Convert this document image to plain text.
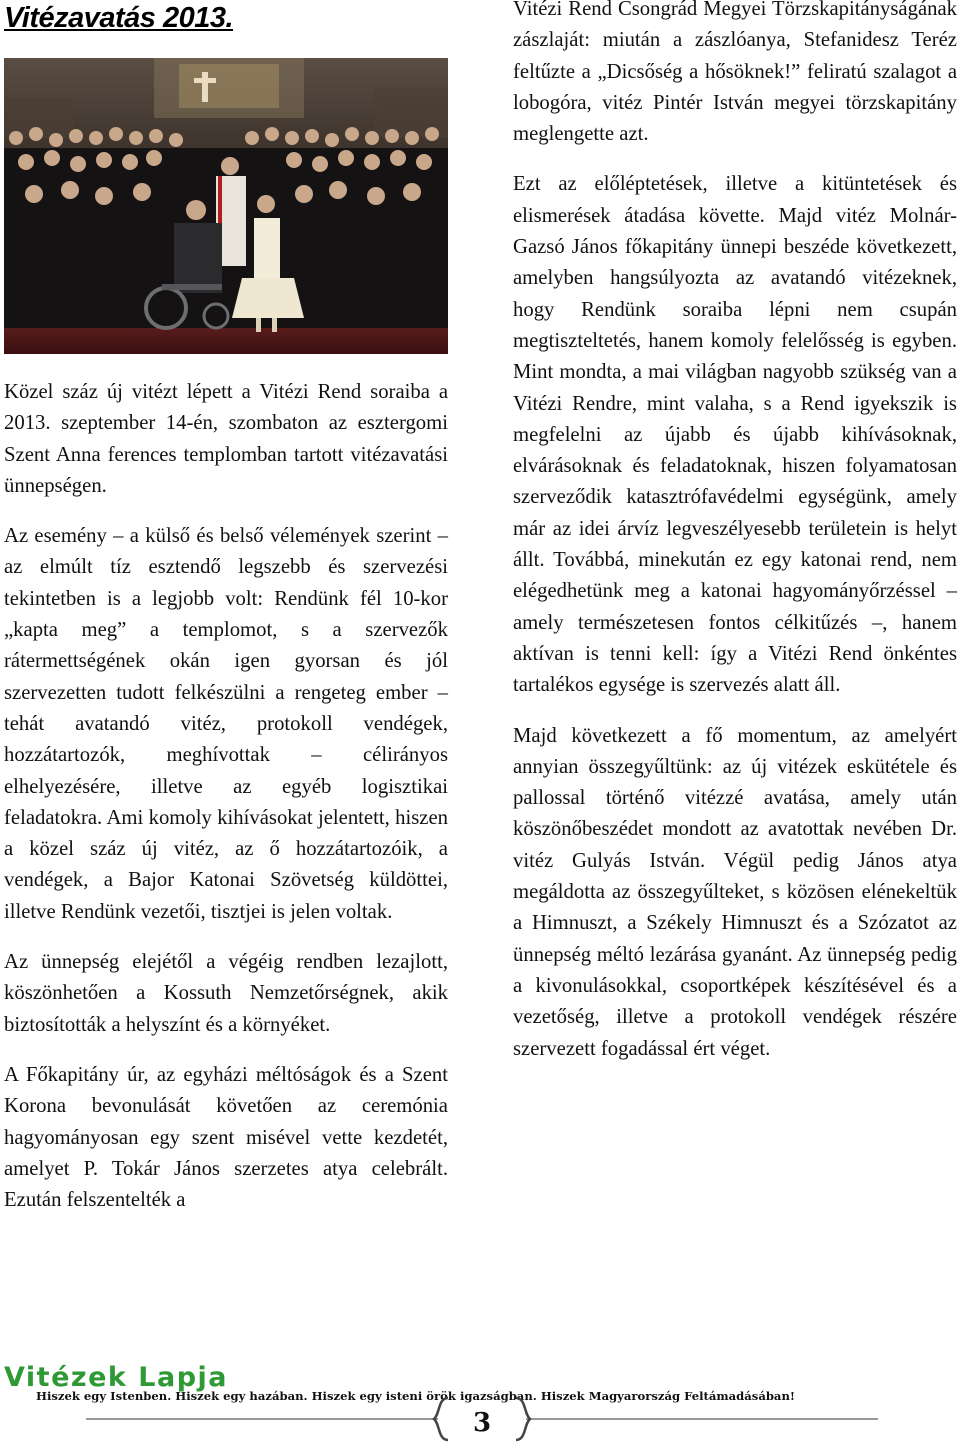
Vitézavatás 2013.

Közel száz új vitézt lépett a Vitézi Rend soraiba a 2013. szeptember 14-én, szombaton az esztergomi Szent Anna ferences templomban tartott vitézavatási ünnepségen.

Az esemény – a külső és belső vélemények szerint – az elmúlt tíz esztendő legszebb és szervezési tekintetben is a legjobb volt: Rendünk fél 10-kor „kapta meg” a templomot, s a szervezők rátermettségének okán igen gyorsan és jól szervezetten tudott felkészülni a rengeteg ember – tehát avatandó vitéz, protokoll vendégek, hozzátartozók, meghívottak – célirányos elhelyezésére, illetve az egyéb logisztikai feladatokra. Ami komoly kihívásokat jelentett, hiszen a közel száz új vitéz, az ő hozzátartozóik, a vendégek, a Bajor Katonai Szövetség küldöttei, illetve Rendünk vezetői, tisztjei is jelen voltak.

Az ünnepség elejétől a végéig rendben lezajlott, köszönhetően a Kossuth Nemzetőrségnek, akik biztosították a helyszínt és a környéket.

A Főkapitány úr, az egyházi méltóságok és a Szent Korona bevonulását követően az ceremónia hagyományosan egy szent misével vette kezdetét, amelyet P. Tokár János szerzetes atya celebrált. Ezután felszentelték a

Vitézi Rend Csongrád Megyei Törzskapitányságának zászlaját: miután a zászlóanya, Stefanidesz Teréz feltűzte a „Dicsőség a hősöknek!” feliratú szalagot a lobogóra, vitéz Pintér István megyei törzskapitány meglengette azt.

Ezt az előléptetések, illetve a kitüntetések és elismerések átadása követte. Majd vitéz Molnár-Gazsó János főkapitány ünnepi beszéde következett, amelyben hangsúlyozta az avatandó vitézeknek, hogy Rendünk soraiba lépni nem csupán megtiszteltetés, hanem komoly felelősség is egyben. Mint mondta, a mai világban nagyobb szükség van a Vitézi Rendre, mint valaha, s a Rend igyekszik is megfelelni az újabb és újabb kihívásoknak, elvárásoknak és feladatoknak, hiszen folyamatosan szerveződik katasztrófavédelmi egységünk, amely már az idei árvíz legveszélyesebb területein is helyt állt. Továbbá, minekután ez egy katonai rend, nem elégedhetünk meg a katonai hagyományőrzéssel – amely természetesen fontos célkitűzés –, hanem aktívan is tenni kell: így a Vitézi Rend önkéntes tartalékos egysége is szervezés alatt áll.

Majd következett a fő momentum, az amelyért annyian összegyűltünk: az új vitézek eskütétele és pallossal történő vitézzé avatása, amely után köszönőbeszédet mondott az avatottak nevében Dr. vitéz Gulyás István. Végül pedig János atya megáldotta az összegyűlteket, s közösen elénekeltük a Himnuszt, a Székely Himnuszt és a Szózatot az ünnepség méltó lezárása gyanánt. Az ünnepség pedig a kivonulásokkal, csoportképek készítésével és a vezetőség, illetve a protokoll vendégek részére szervezett fogadással ért véget.

Vitézek Lapja

Hiszek egy Istenben. Hiszek egy hazában. Hiszek egy isteni örök igazságban. Hiszek Magyarország Feltámadásában!

3
